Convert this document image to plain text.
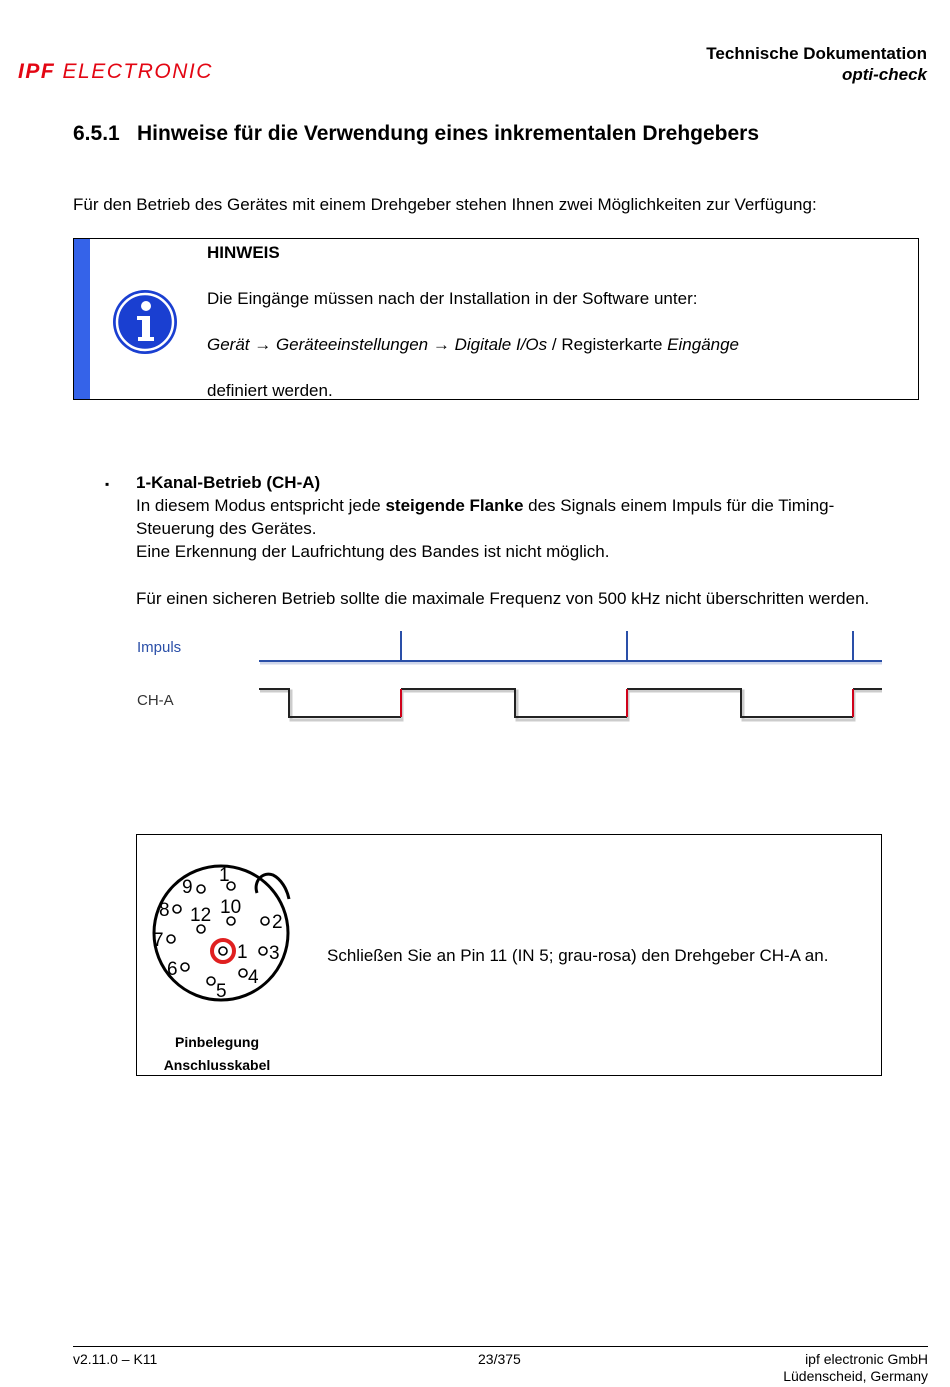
IPF ELECTRONIC
Technische Dokumentation
opti-check
6.5.1 Hinweise für die Verwendung eines inkrementalen Drehgebers
Für den Betrieb des Gerätes mit einem Drehgeber stehen Ihnen zwei Möglichkeiten zur Verfügung:
HINWEIS
Die Eingänge müssen nach der Installation in der Software unter:
Gerät → Geräteeinstellungen → Digitale I/Os / Registerkarte Eingänge
definiert werden.
▪ 1-Kanal-Betrieb (CH-A)
In diesem Modus entspricht jede steigende Flanke des Signals einem Impuls für die Timing-
Steuerung des Gerätes.
Eine Erkennung der Laufrichtung des Bandes ist nicht möglich.
Für einen sicheren Betrieb sollte die maximale Frequenz von 500 kHz nicht überschritten werden.
Impuls
CH-A
1
2
3
4
5
6
7
8
9
10
12
1
Pinbelegung
Anschlusskabel
Schließen Sie an Pin 11 (IN 5; grau-rosa) den Drehgeber CH-A an.
v2.11.0 – K11	23/375	ipf electronic GmbH
Lüdenscheid, Germany
